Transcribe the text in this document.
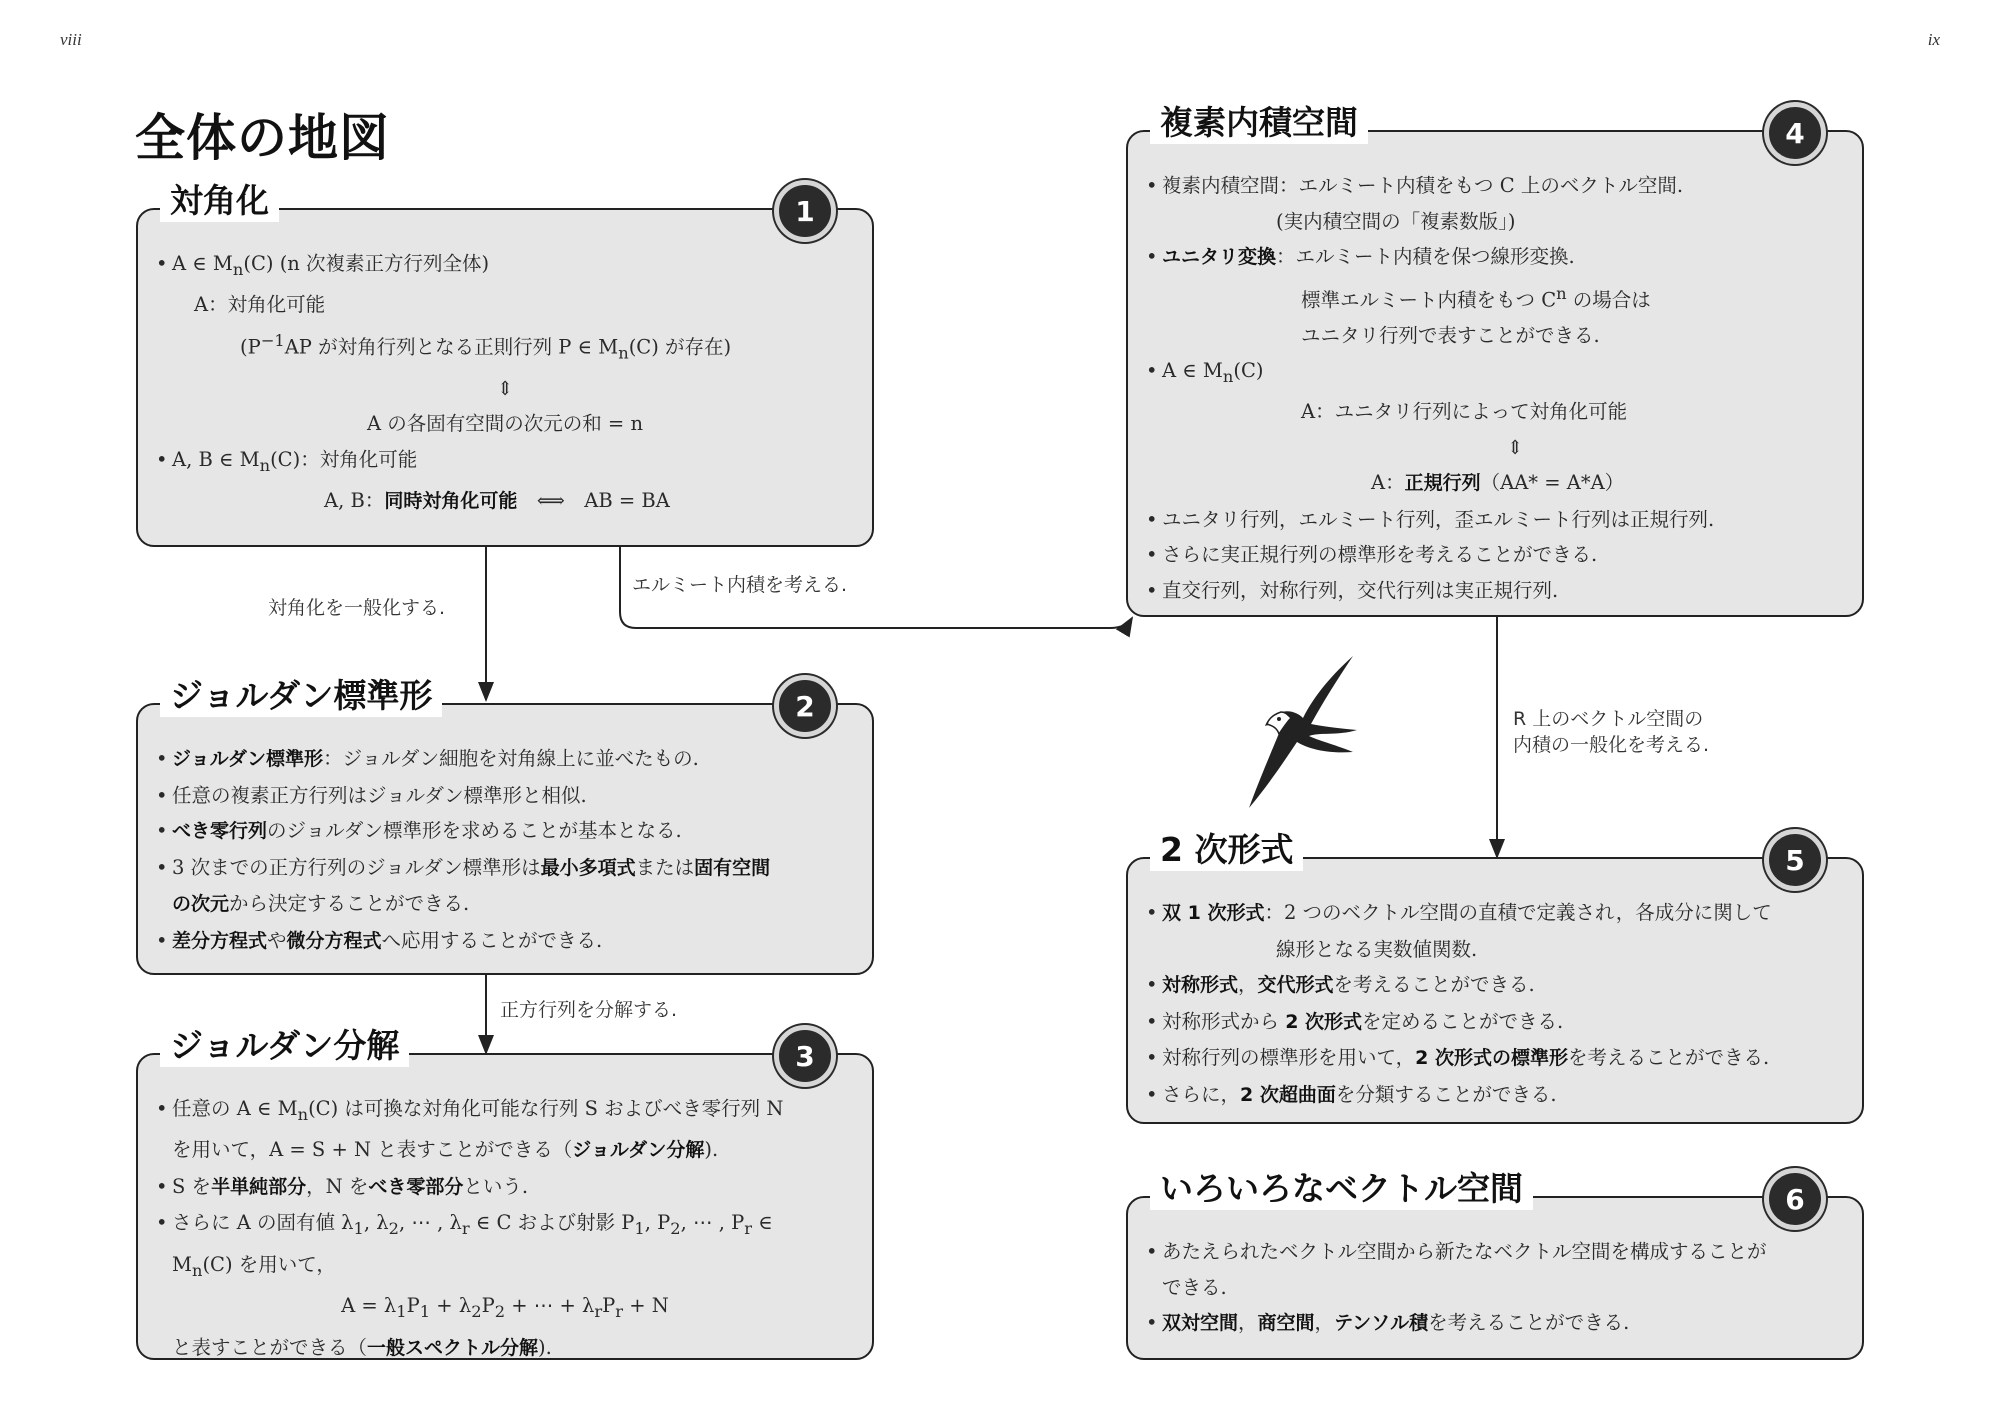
viii	ix
全体の地図
対角化を一般化する.
エルミート内積を考える.
正方行列を分解する.
R 上のベクトル空間の
内積の一般化を考える.
対角化	1
• A ∈ $M_n(C)$ (n 次複素正方行列全体)
A：対角化可能
($P^{-1}AP$ が対角行列となる正則行列 P ∈ $M_n(C)$ が存在)
⇕
A の各固有空間の次元の和 = n
• A, B ∈ $M_n(C)$：対角化可能
A, B：同時対角化可能　⟺　AB = BA
ジョルダン標準形	2
• ジョルダン標準形：ジョルダン細胞を対角線上に並べたもの.
• 任意の複素正方行列はジョルダン標準形と相似.
• べき零行列のジョルダン標準形を求めることが基本となる.
• 3 次までの正方行列のジョルダン標準形は最小多項式または固有空間
の次元から決定することができる.
• 差分方程式や微分方程式へ応用することができる.
ジョルダン分解	3
• 任意の A ∈ $M_n(C)$ は可換な対角化可能な行列 S およびべき零行列 N
を用いて，A = S + N と表すことができる（ジョルダン分解).
• S を半単純部分，N をべき零部分という.
• さらに A の固有値 $\lambda_1$, $\lambda_2$, ⋯ , $\lambda_r$ ∈ C および射影 $P_1$, $P_2$, ⋯ , $P_r$ ∈
$M_n(C)$ を用いて，
$A = \lambda_1P_1 + \lambda_2P_2$ + ⋯ + $\lambda_rP_r + N$
と表すことができる（一般スペクトル分解).
複素内積空間	4
• 複素内積空間：エルミート内積をもつ C 上のベクトル空間.
(実内積空間の「複素数版」)
• ユニタリ変換：エルミート内積を保つ線形変換.
標準エルミート内積をもつ $C^n$ の場合は
ユニタリ行列で表すことができる.
• A ∈ $M_n(C)$
A：ユニタリ行列によって対角化可能
⇕
A：正規行列（AA* = A*A）
• ユニタリ行列，エルミート行列，歪エルミート行列は正規行列.
• さらに実正規行列の標準形を考えることができる.
• 直交行列，対称行列，交代行列は実正規行列.
2 次形式	5
• 双 1 次形式：2 つのベクトル空間の直積で定義され，各成分に関して
線形となる実数値関数.
• 対称形式，交代形式を考えることができる.
• 対称形式から 2 次形式を定めることができる.
• 対称行列の標準形を用いて，2 次形式の標準形を考えることができる.
• さらに，2 次超曲面を分類することができる.
いろいろなベクトル空間	6
• あたえられたベクトル空間から新たなベクトル空間を構成することが
できる.
• 双対空間，商空間，テンソル積を考えることができる.
